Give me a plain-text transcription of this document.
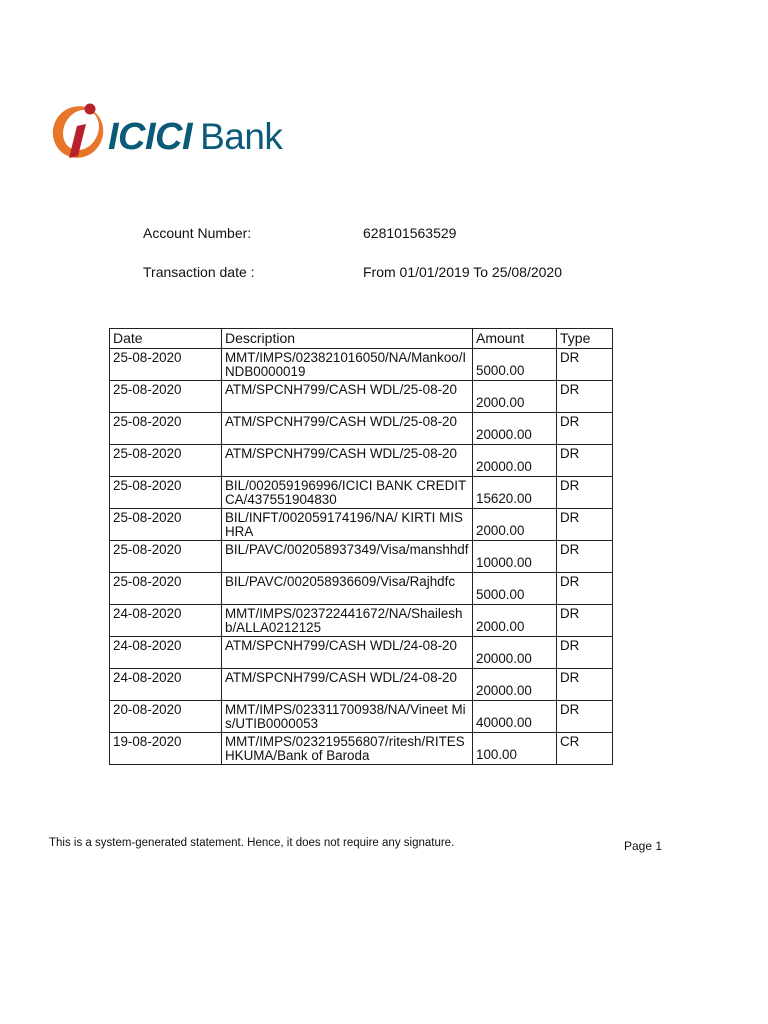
ICICI Bank
Account Number:	628101563529
Transaction date :	From 01/01/2019 To 25/08/2020
Date	Description	Amount	Type
25-08-2020	MMT/IMPS/023821016050/NA/Mankoo/INDB0000019	5000.00	DR
25-08-2020	ATM/SPCNH799/CASH WDL/25-08-20	2000.00	DR
25-08-2020	ATM/SPCNH799/CASH WDL/25-08-20	20000.00	DR
25-08-2020	ATM/SPCNH799/CASH WDL/25-08-20	20000.00	DR
25-08-2020	BIL/002059196996/ICICI BANK CREDIT CA/437551904830	15620.00	DR
25-08-2020	BIL/INFT/002059174196/NA/ KIRTI MISHRA	2000.00	DR
25-08-2020	BIL/PAVC/002058937349/Visa/manshhdf	10000.00	DR
25-08-2020	BIL/PAVC/002058936609/Visa/Rajhdfc	5000.00	DR
24-08-2020	MMT/IMPS/023722441672/NA/Shailesh b/ALLA0212125	2000.00	DR
24-08-2020	ATM/SPCNH799/CASH WDL/24-08-20	20000.00	DR
24-08-2020	ATM/SPCNH799/CASH WDL/24-08-20	20000.00	DR
20-08-2020	MMT/IMPS/023311700938/NA/Vineet Mis/UTIB0000053	40000.00	DR
19-08-2020	MMT/IMPS/023219556807/ritesh/RITESHKUMA/Bank of Baroda	100.00	CR
This is a system-generated statement. Hence, it does not require any signature.	Page 1
